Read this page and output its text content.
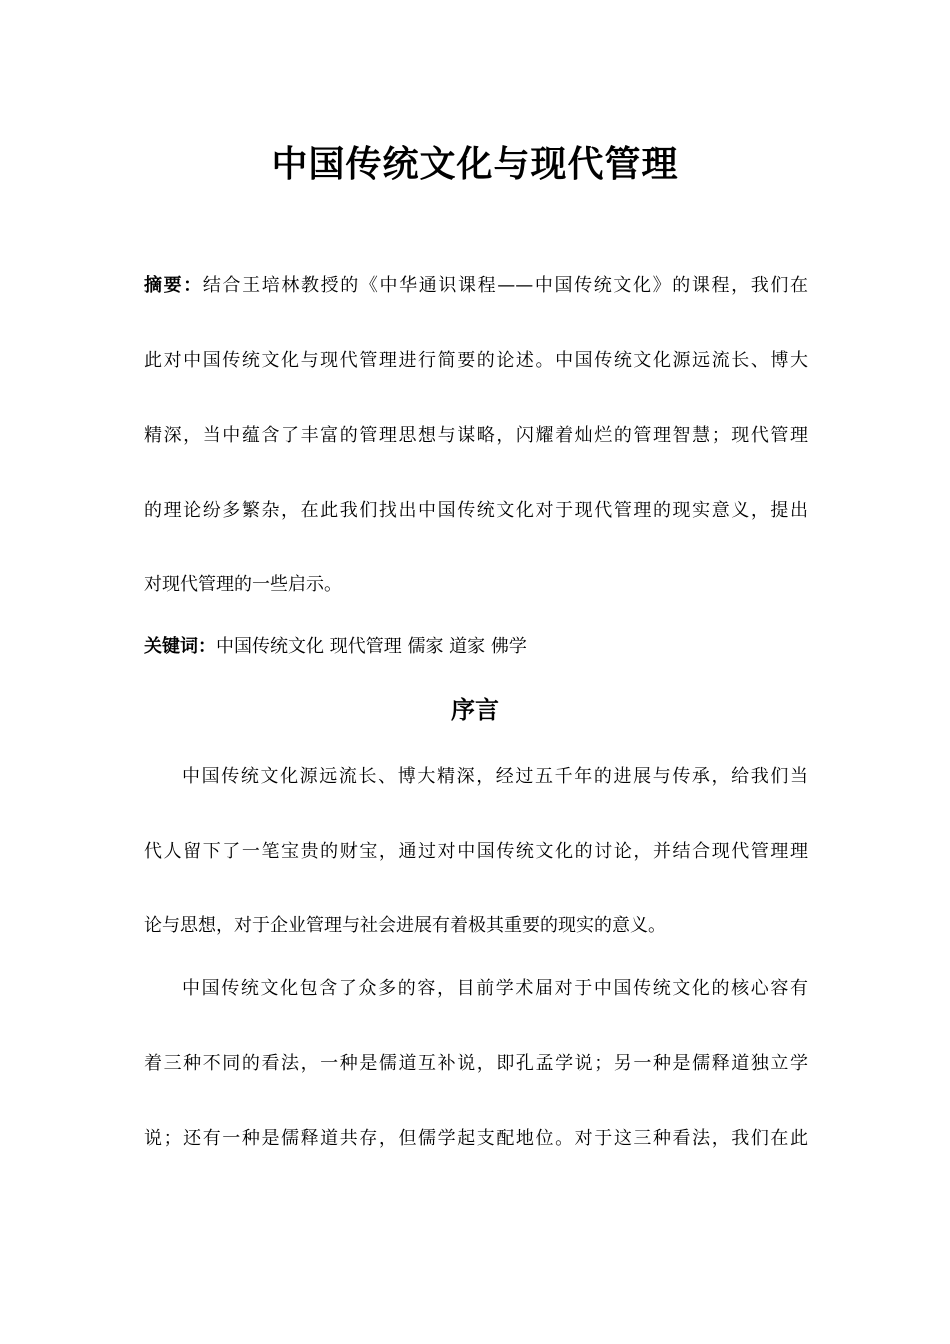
中国传统文化与现代管理
摘要：结合王培林教授的《中华通识课程——中国传统文化》的课程，我们在
此对中国传统文化与现代管理进行简要的论述。中国传统文化源远流长、博大
精深，当中蕴含了丰富的管理思想与谋略，闪耀着灿烂的管理智慧；现代管理
的理论纷多繁杂，在此我们找出中国传统文化对于现代管理的现实意义，提出
对现代管理的一些启示。
关键词：中国传统文化 现代管理 儒家 道家 佛学
序言
中国传统文化源远流长、博大精深，经过五千年的进展与传承，给我们当
代人留下了一笔宝贵的财宝，通过对中国传统文化的讨论，并结合现代管理理
论与思想，对于企业管理与社会进展有着极其重要的现实的意义。
中国传统文化包含了众多的容，目前学术届对于中国传统文化的核心容有
着三种不同的看法，一种是儒道互补说，即孔孟学说；另一种是儒释道独立学
说；还有一种是儒释道共存，但儒学起支配地位。对于这三种看法，我们在此
